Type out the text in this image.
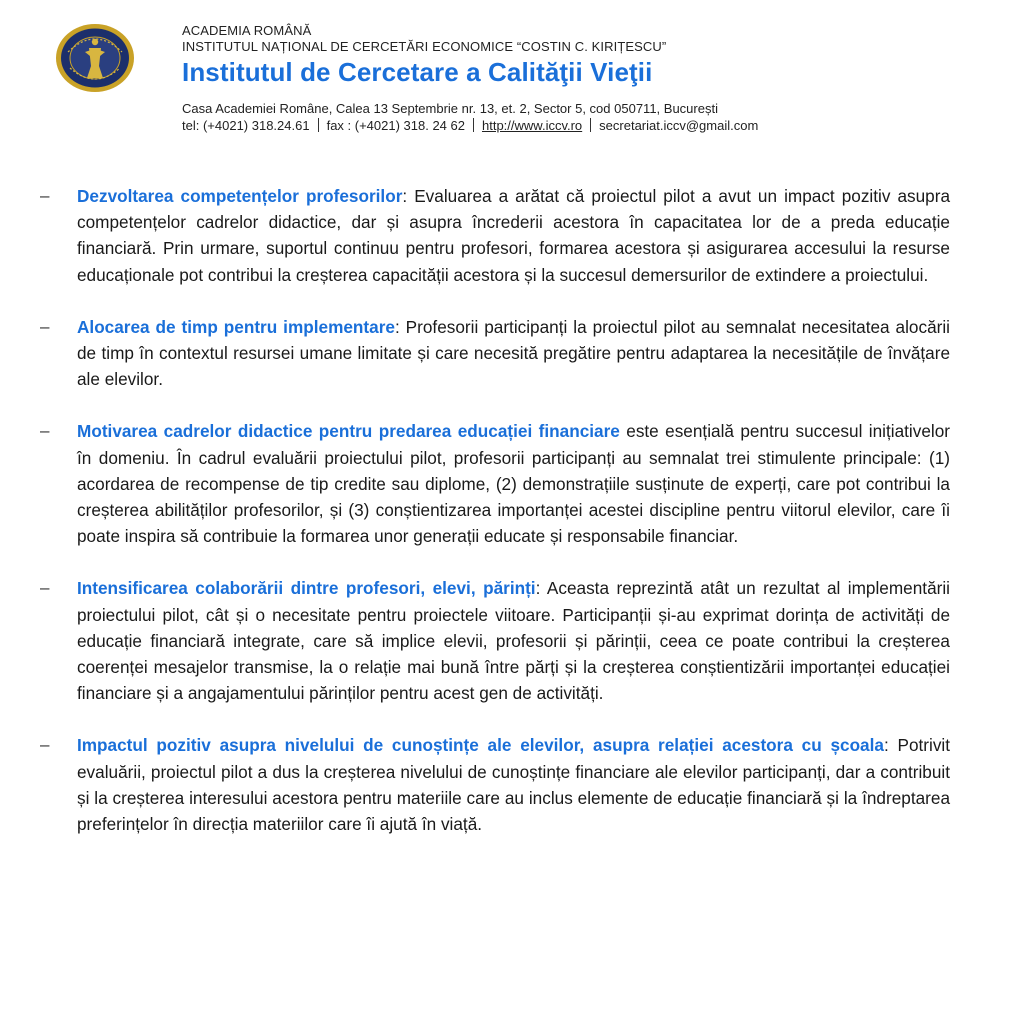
ACADEMIA ROMÂNĂ
INSTITUTUL NAȚIONAL DE CERCETĂRI ECONOMICE “COSTIN C. KIRIȚESCU”
Institutul de Cercetare a Calităţii Vieţii
Casa Academiei Române, Calea 13 Septembrie nr. 13, et. 2, Sector 5, cod 050711, București
tel: (+4021) 318.24.61 fax : (+4021) 318. 24 62 http://www.iccv.ro secretariat.iccv@gmail.com
– Dezvoltarea competențelor profesorilor: Evaluarea a arătat că proiectul pilot a avut un impact pozitiv asupra competențelor cadrelor didactice, dar și asupra încrederii acestora în capacitatea lor de a preda educație financiară. Prin urmare, suportul continuu pentru profesori, formarea acestora și asigurarea accesului la resurse educaționale pot contribui la creșterea capacității acestora și la succesul demersurilor de extindere a proiectului.
– Alocarea de timp pentru implementare: Profesorii participanți la proiectul pilot au semnalat necesitatea alocării de timp în contextul resursei umane limitate și care necesită pregătire pentru adaptarea la necesitățile de învățare ale elevilor.
– Motivarea cadrelor didactice pentru predarea educației financiare este esențială pentru succesul inițiativelor în domeniu. În cadrul evaluării proiectului pilot, profesorii participanți au semnalat trei stimulente principale: (1) acordarea de recompense de tip credite sau diplome, (2) demonstrațiile susținute de experți, care pot contribui la creșterea abilităților profesorilor, și (3) conștientizarea importanței acestei discipline pentru viitorul elevilor, care îi poate inspira să contribuie la formarea unor generații educate și responsabile financiar.
– Intensificarea colaborării dintre profesori, elevi, părinți: Aceasta reprezintă atât un rezultat al implementării proiectului pilot, cât și o necesitate pentru proiectele viitoare. Participanții și-au exprimat dorința de activități de educație financiară integrate, care să implice elevii, profesorii și părinții, ceea ce poate contribui la creșterea coerenței mesajelor transmise, la o relație mai bună între părți și la creșterea conștientizării importanței educației financiare și a angajamentului părinților pentru acest gen de activități.
– Impactul pozitiv asupra nivelului de cunoștințe ale elevilor, asupra relației acestora cu școala: Potrivit evaluării, proiectul pilot a dus la creșterea nivelului de cunoștințe financiare ale elevilor participanți, dar a contribuit și la creșterea interesului acestora pentru materiile care au inclus elemente de educație financiară și la îndreptarea preferințelor în direcția materiilor care îi ajută în viață.
